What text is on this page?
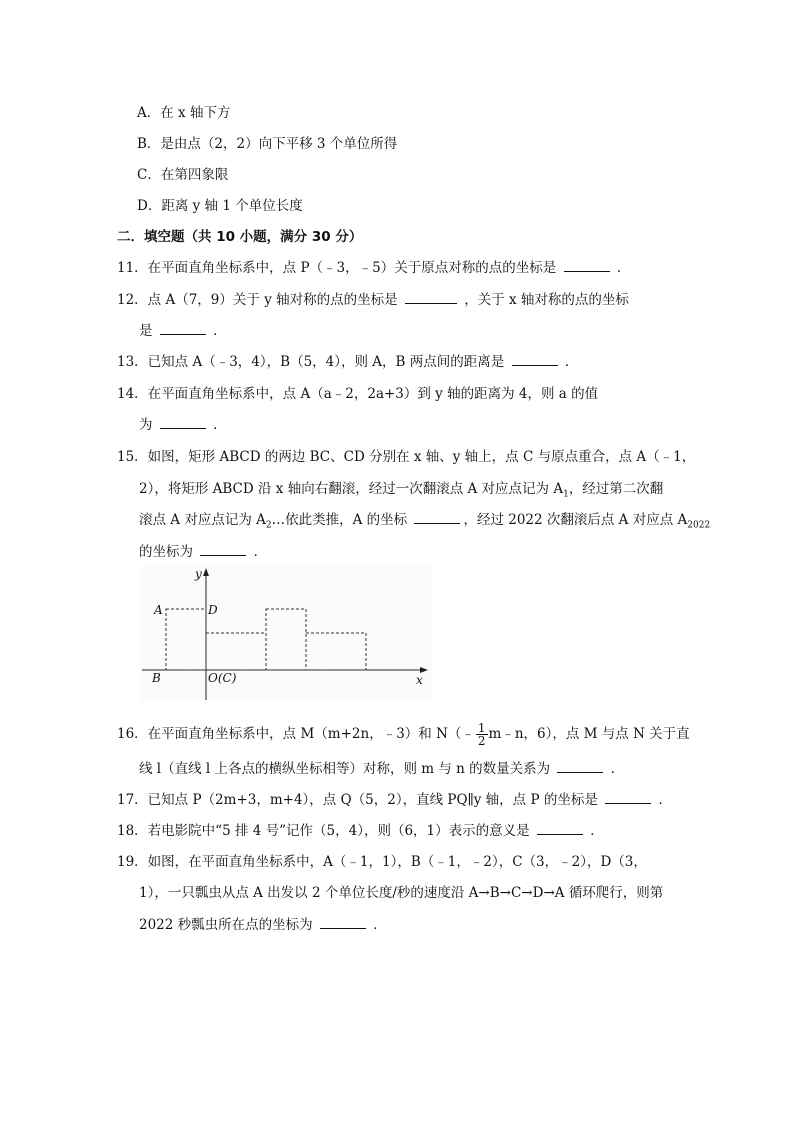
A．在 x 轴下方
B．是由点（2，2）向下平移 3 个单位所得
C．在第四象限
D．距离 y 轴 1 个单位长度
二．填空题（共 10 小题，满分 30 分）
11．在平面直角坐标系中，点 P（﹣3，﹣5）关于原点对称的点的坐标是	．
12．点 A（7，9）关于 y 轴对称的点的坐标是	，关于 x 轴对称的点的坐标
是	．
13．已知点 A（﹣3，4），B（5，4），则 A，B 两点间的距离是	．
14．在平面直角坐标系中，点 A（a﹣2，2a+3）到 y 轴的距离为 4，则 a 的值
为	．
15．如图，矩形 ABCD 的两边 BC、CD 分别在 x 轴、y 轴上，点 C 与原点重合，点 A（﹣1，
2），将矩形 ABCD 沿 x 轴向右翻滚，经过一次翻滚点 A 对应点记为 $A_1$，经过第二次翻
滚点 A 对应点记为 $A_2\dots$依此类推，A 的坐标	，经过 2022 次翻滚后点 A 对应点 $A_{2022}$
的坐标为	．
y
x
A	D
B	O(C)
16．在平面直角坐标系中，点 M（m+2n，﹣3）和 N（﹣ $\frac{1}{2}$ m﹣n，6），点 M 与点 N 关于直
线 l（直线 l 上各点的横纵坐标相等）对称，则 m 与 n 的数量关系为	．
17．已知点 P（2m+3，m+4），点 Q（5，2），直线 PQ∥y 轴，点 P 的坐标是	．
18．若电影院中“5 排 4 号”记作（5，4），则（6，1）表示的意义是	．
19．如图，在平面直角坐标系中，A（﹣1，1），B（﹣1，﹣2），C（3，﹣2），D（3，
1），一只瓢虫从点 A 出发以 2 个单位长度/秒的速度沿 A→B→C→D→A 循环爬行，则第
2022 秒瓢虫所在点的坐标为	．
